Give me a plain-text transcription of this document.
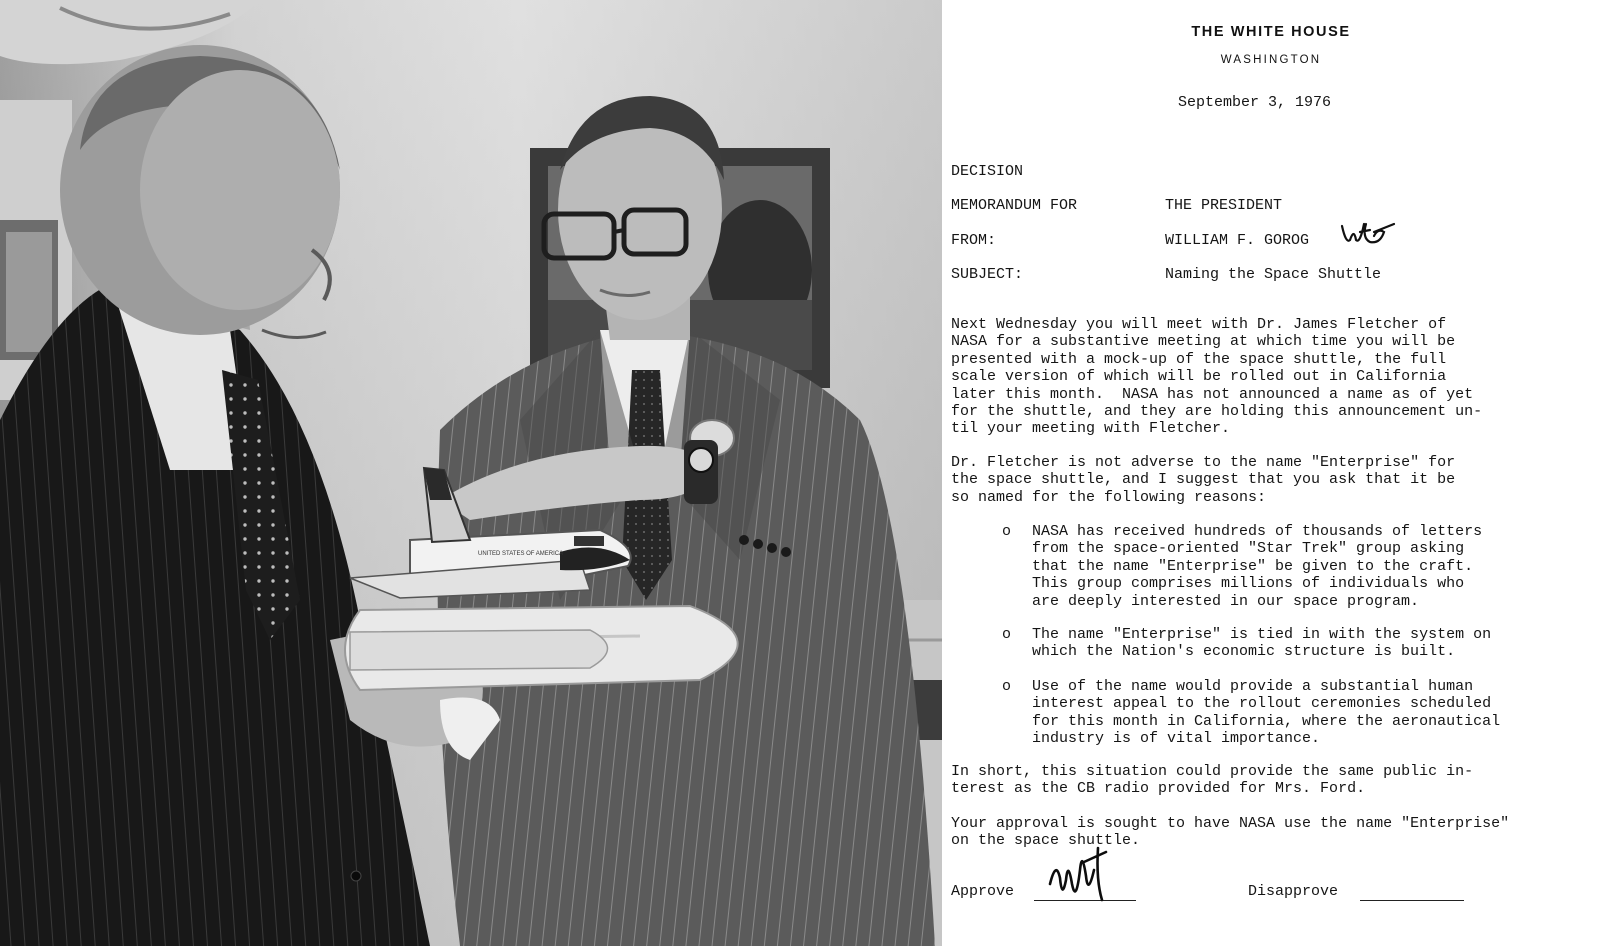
UNITED STATES OF AMERICA
THE WHITE HOUSE
WASHINGTON
September 3, 1976
DECISION
MEMORANDUM FOR	THE PRESIDENT
FROM:	WILLIAM F. GOROG
SUBJECT:	Naming the Space Shuttle

Next Wednesday you will meet with Dr. James Fletcher of
NASA for a substantive meeting at which time you will be
presented with a mock-up of the space shuttle, the full
scale version of which will be rolled out in California
later this month.  NASA has not announced a name as of yet
for the shuttle, and they are holding this announcement un-
til your meeting with Fletcher.

Dr. Fletcher is not adverse to the name "Enterprise" for
the space shuttle, and I suggest that you ask that it be
so named for the following reasons:

o NASA has received hundreds of thousands of letters
from the space-oriented "Star Trek" group asking
that the name "Enterprise" be given to the craft.
This group comprises millions of individuals who
are deeply interested in our space program.

o The name "Enterprise" is tied in with the system on
which the Nation's economic structure is built.

o Use of the name would provide a substantial human
interest appeal to the rollout ceremonies scheduled
for this month in California, where the aeronautical
industry is of vital importance.

In short, this situation could provide the same public in-
terest as the CB radio provided for Mrs. Ford.

Your approval is sought to have NASA use the name "Enterprise"
on the space shuttle.

Approve	Disapprove
